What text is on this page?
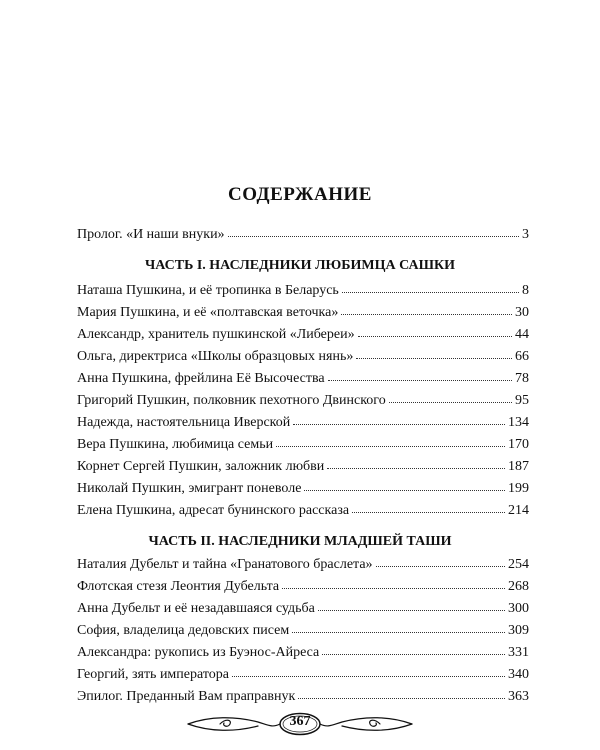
СОДЕРЖАНИЕ
Пролог. «И наши внуки»	3
ЧАСТЬ I. НАСЛЕДНИКИ ЛЮБИМЦА САШКИ
Наташа Пушкина, и её тропинка в Беларусь	8
Мария Пушкина, и её «полтавская веточка»	30
Александр, хранитель пушкинской «Либереи»	44
Ольга, директриса «Школы образцовых нянь»	66
Анна Пушкина, фрейлина Её Высочества	78
Григорий Пушкин, полковник пехотного Двинского	95
Надежда, настоятельница Иверской	134
Вера Пушкина, любимица семьи	170
Корнет Сергей Пушкин, заложник любви	187
Николай Пушкин, эмигрант поневоле	199
Елена Пушкина, адресат бунинского рассказа	214
ЧАСТЬ II. НАСЛЕДНИКИ МЛАДШЕЙ ТАШИ
Наталия Дубельт и тайна «Гранатового браслета»	254
Флотская стезя Леонтия Дубельта	268
Анна Дубельт и её незадавшаяся судьба	300
София, владелица дедовских писем	309
Александра: рукопись из Буэнос-Айреса	331
Георгий, зять императора	340
Эпилог. Преданный Вам праправнук	363
367
